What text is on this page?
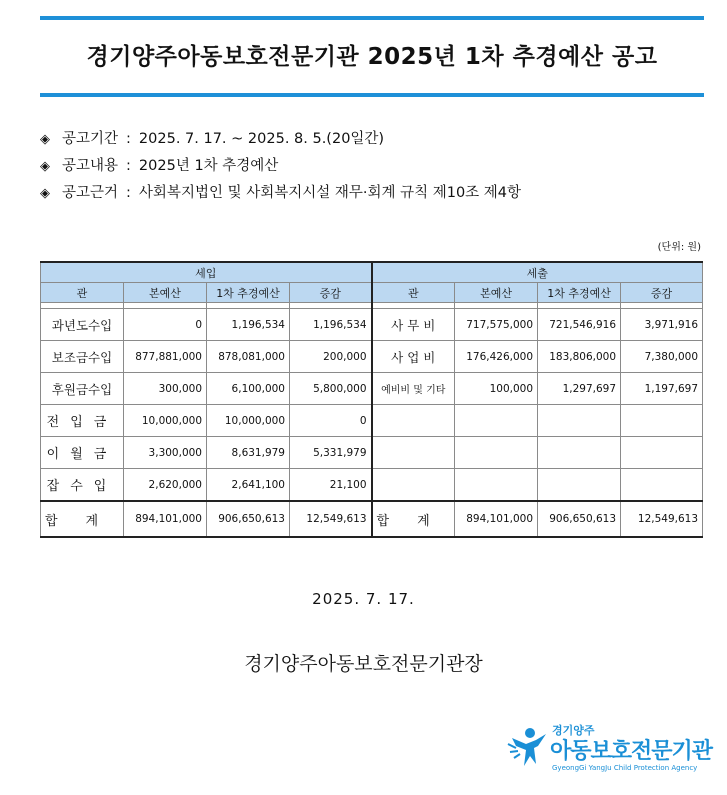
경기양주아동보호전문기관 2025년 1차 추경예산 공고
◈ 공고기간 : 2025. 7. 17. ~ 2025. 8. 5.(20일간)
◈ 공고내용 : 2025년 1차 추경예산
◈ 공고근거 : 사회복지법인 및 사회복지시설 재무·회계 규칙 제10조 제4항
(단위: 원)
세입				세출			
관	본예산	1차 추경예산	증감	관	본예산	1차 추경예산	증감

과년도수입	0	1,196,534	1,196,534	사 무 비	717,575,000	721,546,916	3,971,916
보조금수입	877,881,000	878,081,000	200,000	사 업 비	176,426,000	183,806,000	7,380,000
후원금수입	300,000	6,100,000	5,800,000	예비비 및 기타	100,000	1,297,697	1,197,697
전입금	10,000,000	10,000,000	0				
이월금	3,300,000	8,631,979	5,331,979				
잡수입	2,620,000	2,641,100	21,100				
합계	894,101,000	906,650,613	12,549,613	합계	894,101,000	906,650,613	12,549,613
2025. 7. 17.
경기양주아동보호전문기관장
경기양주
아동보호전문기관
GyeongGi YangJu Child Protection Agency
